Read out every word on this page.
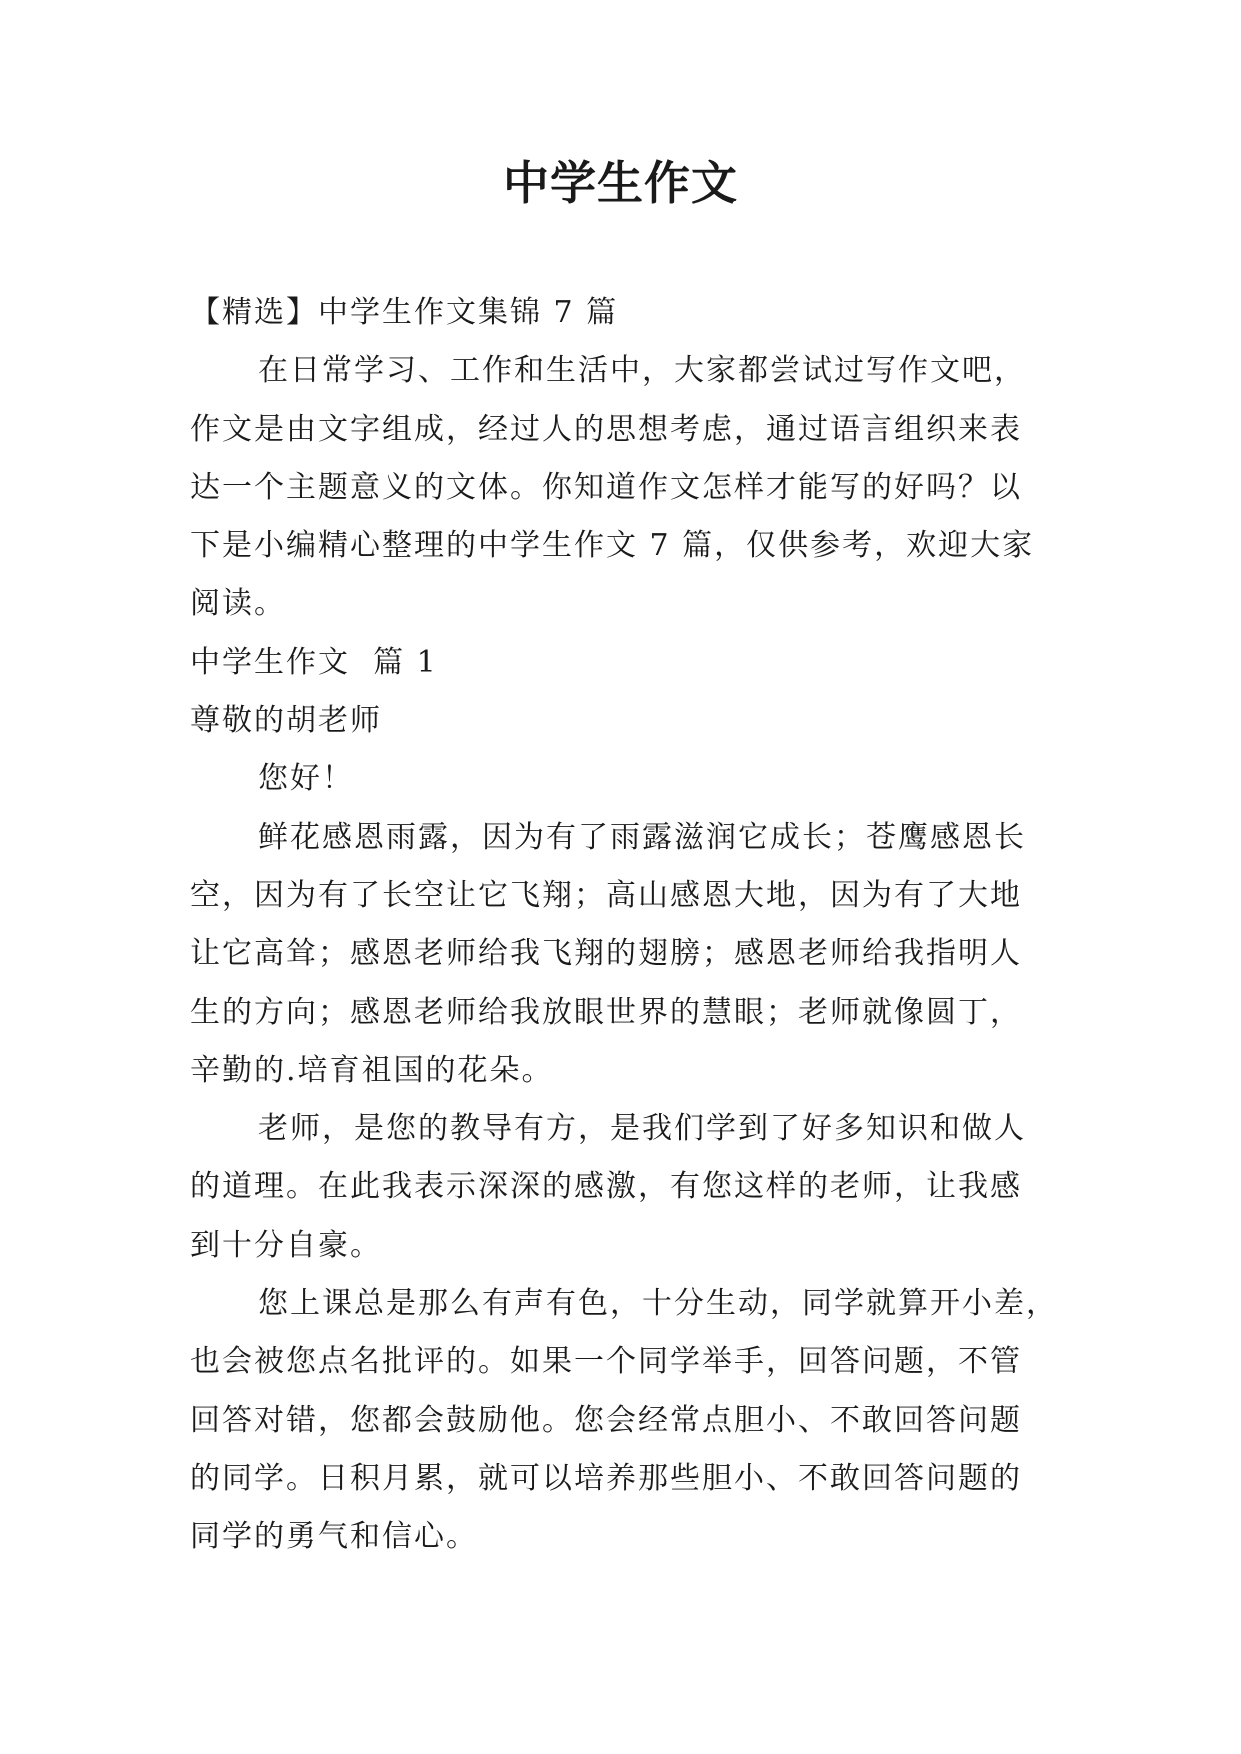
中学生作文
【精选】中学生作文集锦 7 篇
在日常学习、工作和生活中，大家都尝试过写作文吧，
作文是由文字组成，经过人的思想考虑，通过语言组织来表
达一个主题意义的文体。你知道作文怎样才能写的好吗？以
下是小编精心整理的中学生作文 7 篇，仅供参考，欢迎大家
阅读。
中学生作文  篇 1
尊敬的胡老师
您好！
鲜花感恩雨露，因为有了雨露滋润它成长；苍鹰感恩长
空，因为有了长空让它飞翔；高山感恩大地，因为有了大地
让它高耸；感恩老师给我飞翔的翅膀；感恩老师给我指明人
生的方向；感恩老师给我放眼世界的慧眼；老师就像圆丁，
辛勤的.培育祖国的花朵。
老师，是您的教导有方，是我们学到了好多知识和做人
的道理。在此我表示深深的感激，有您这样的老师，让我感
到十分自豪。
您上课总是那么有声有色，十分生动，同学就算开小差，
也会被您点名批评的。如果一个同学举手，回答问题，不管
回答对错，您都会鼓励他。您会经常点胆小、不敢回答问题
的同学。日积月累，就可以培养那些胆小、不敢回答问题的
同学的勇气和信心。
